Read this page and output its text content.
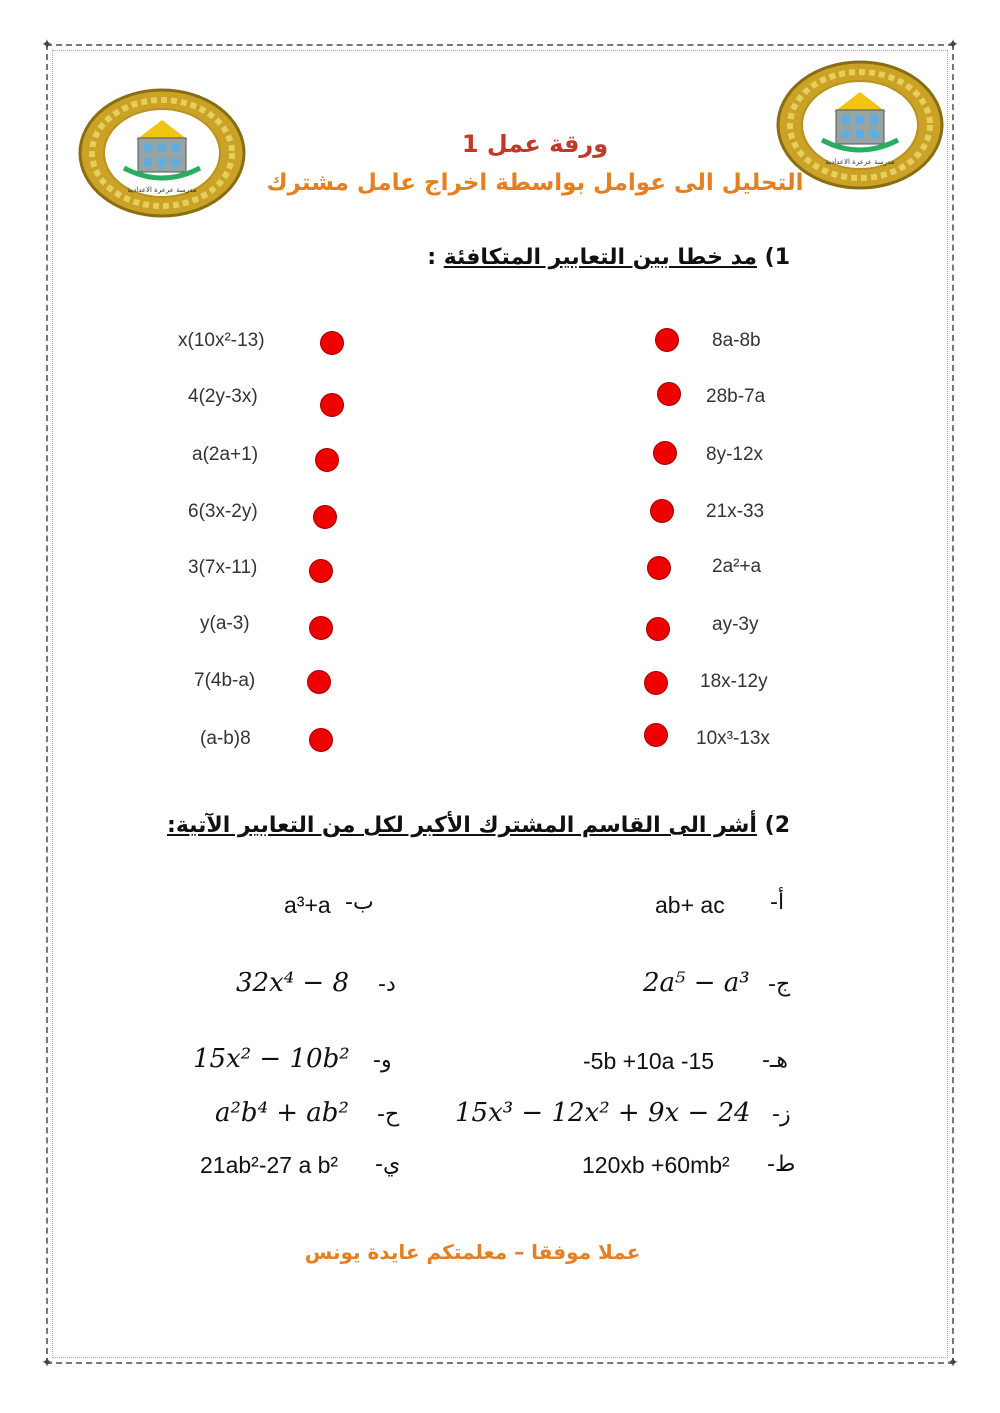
✦	✦
✦	✦
مدرسة عرعرة الاعدادية
مدرسة عرعرة الاعدادية
ورقة عمل 1
التحليل الى عوامل بواسطة اخراج عامل مشترك
1) مد خطا بين التعابير المتكافئة :
x(10x²-13)
4(2y-3x)
a(2a+1)
6(3x-2y)
3(7x-11)
y(a-3)
7(4b-a)
(a-b)8
8a-8b
28b-7a
8y-12x
21x-33
2a²+a
ay-3y
18x-12y
10x³-13x
2) أشر الى القاسم المشترك الأكبر لكل من التعابير الآتية:
أ-
ab+ ac
ب-
a³+a
ج-
2a⁵ − a³
د-
32x⁴ − 8
هـ-
-5b +10a -15
و-
15x² − 10b²
ز-
15x³ − 12x² + 9x − 24
ح-
a²b⁴ + ab²
ط-
120xb +60mb²
ي-
21ab²-27 a b²
عملا موفقا – معلمتكم عايدة يونس
